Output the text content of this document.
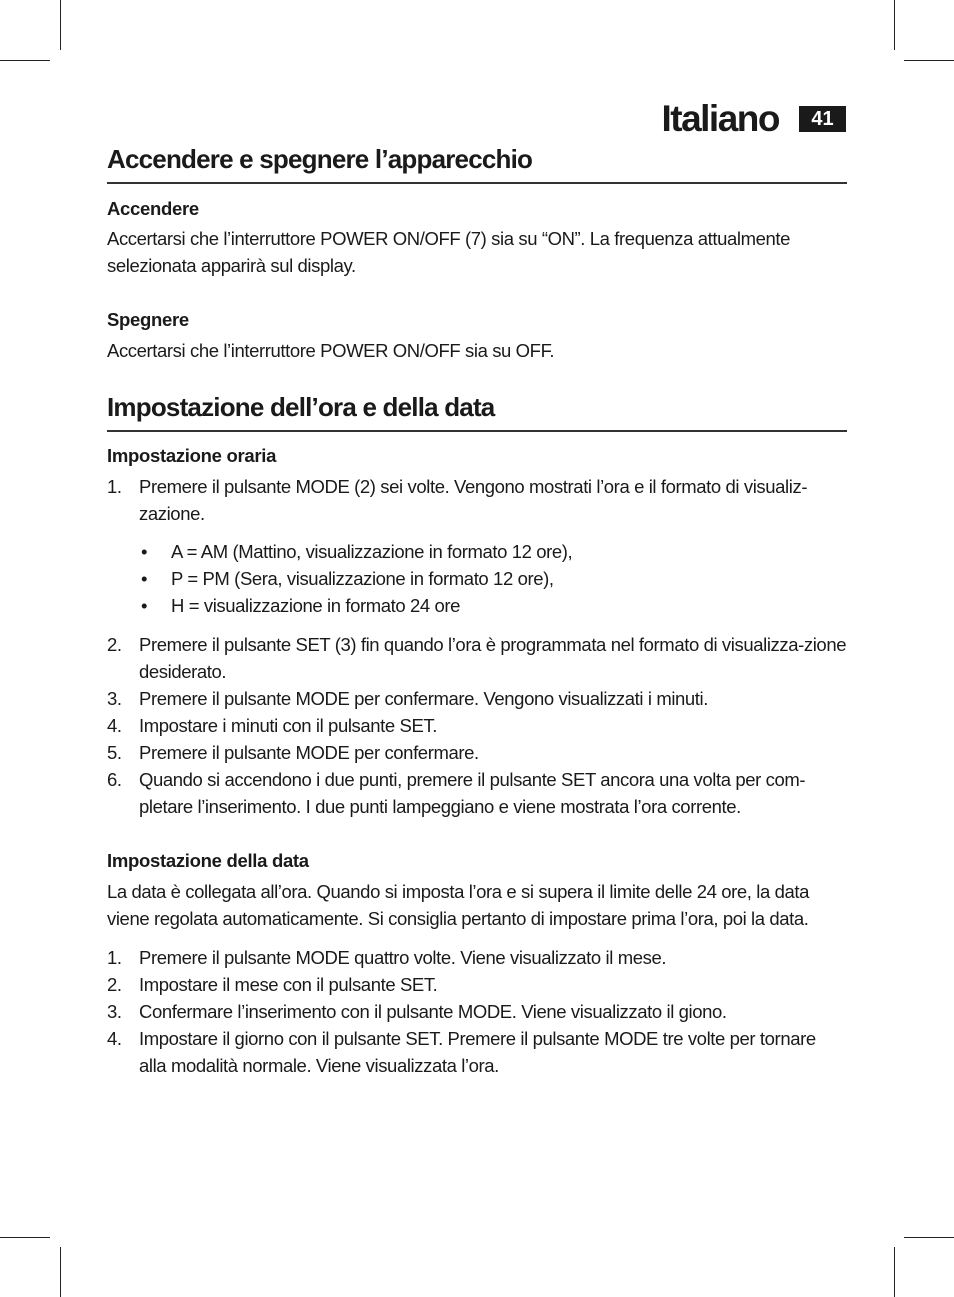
Italiano	41
Accendere e spegnere l’apparecchio
Accendere

Accertarsi che l’interruttore POWER ON/OFF (7) sia su “ON”. La frequenza attualmente selezionata apparirà sul display.

Spegnere

Accertarsi che l’interruttore POWER ON/OFF sia su OFF.

Impostazione dell’ora e della data
Impostazione oraria
1. Premere il pulsante MODE (2) sei volte. Vengono mostrati l’ora e il formato di visualiz-zazione.
• A = AM (Mattino, visualizzazione in formato 12 ore),
• P = PM (Sera, visualizzazione in formato 12 ore),
• H = visualizzazione in formato 24 ore
2. Premere il pulsante SET (3) fin quando l’ora è programmata nel formato di visualizza-zione desiderato.
3. Premere il pulsante MODE per confermare. Vengono visualizzati i minuti.
4. Impostare i minuti con il pulsante SET.
5. Premere il pulsante MODE per confermare.
6. Quando si accendono i due punti, premere il pulsante SET ancora una volta per com-pletare l’inserimento. I due punti lampeggiano e viene mostrata l’ora corrente.
Impostazione della data

La data è collegata all’ora. Quando si imposta l’ora e si supera il limite delle 24 ore, la data viene regolata automaticamente. Si consiglia pertanto di impostare prima l’ora, poi la data.

1. Premere il pulsante MODE quattro volte. Viene visualizzato il mese.
2. Impostare il mese con il pulsante SET.
3. Confermare l’inserimento con il pulsante MODE. Viene visualizzato il giono.
4. Impostare il giorno con il pulsante SET. Premere il pulsante MODE tre volte per tornare alla modalità normale. Viene visualizzata l’ora.
